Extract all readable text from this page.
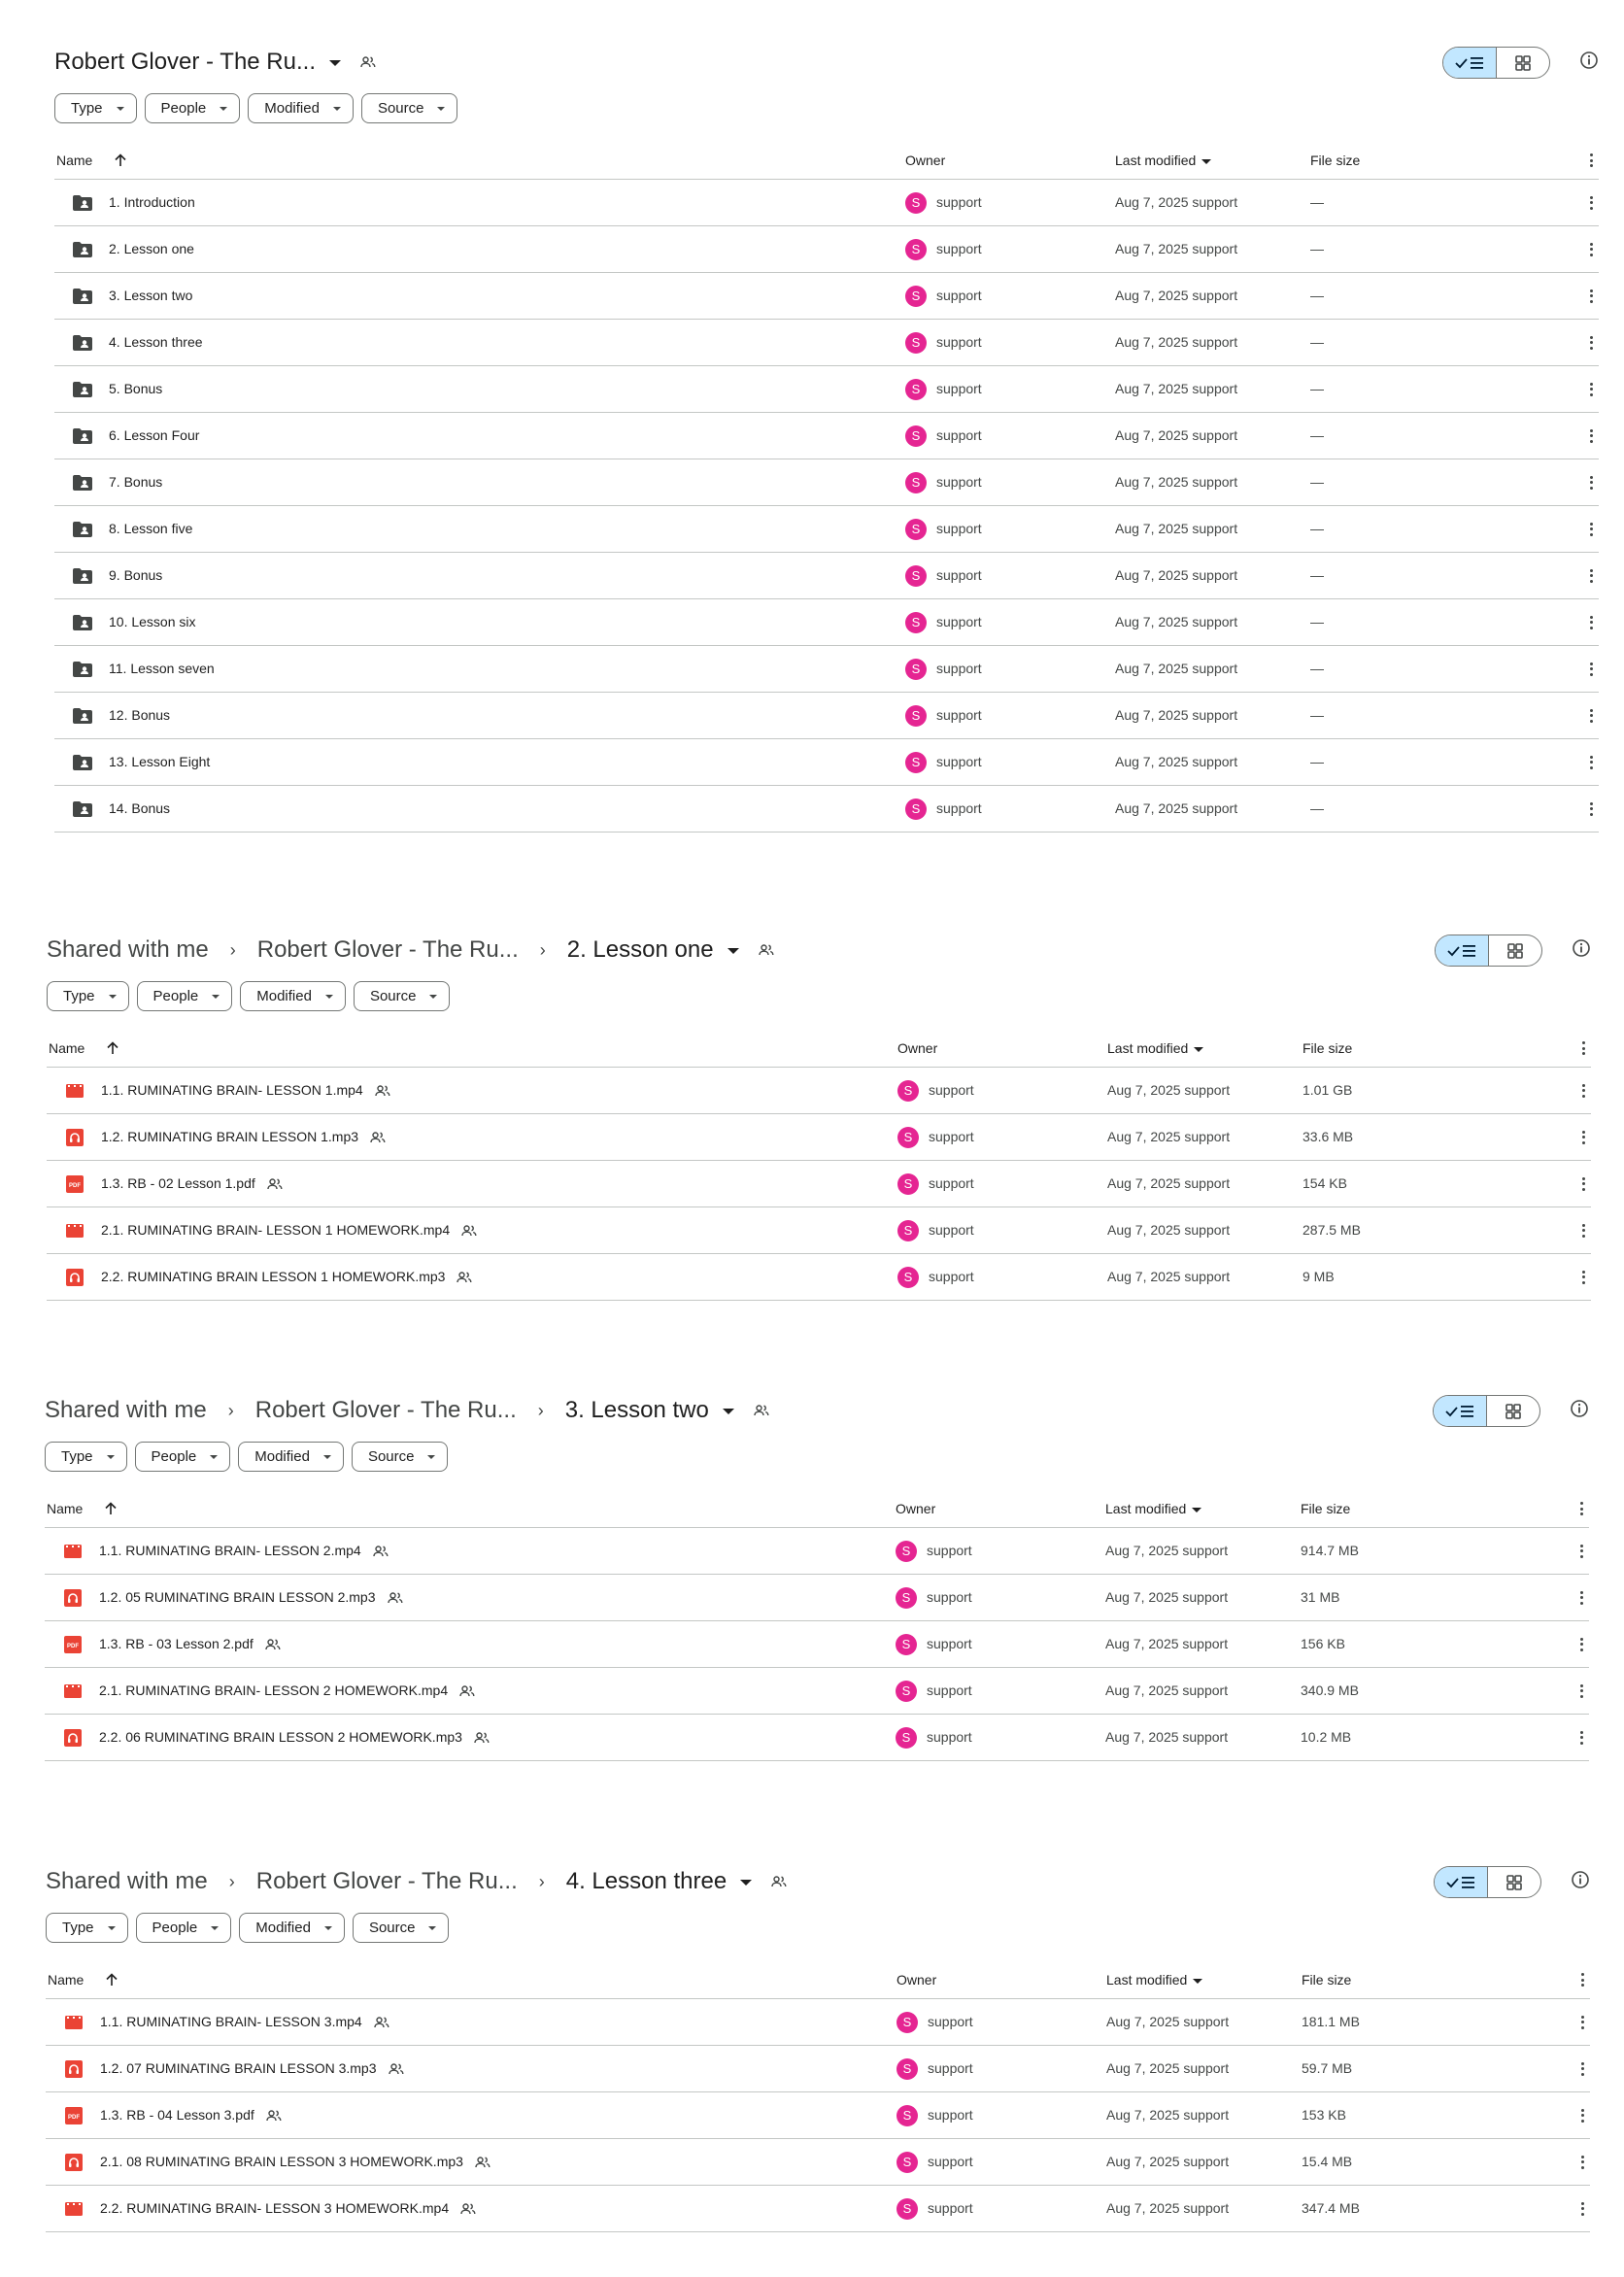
Robert Glover - The Ru...
Type	People	Modified	Source
Name	Owner	Last modified	File size
1. Introduction	S	support	Aug 7, 2025 support	—
2. Lesson one	S	support	Aug 7, 2025 support	—
3. Lesson two	S	support	Aug 7, 2025 support	—
4. Lesson three	S	support	Aug 7, 2025 support	—
5. Bonus	S	support	Aug 7, 2025 support	—
6. Lesson Four	S	support	Aug 7, 2025 support	—
7. Bonus	S	support	Aug 7, 2025 support	—
8. Lesson five	S	support	Aug 7, 2025 support	—
9. Bonus	S	support	Aug 7, 2025 support	—
10. Lesson six	S	support	Aug 7, 2025 support	—
11. Lesson seven	S	support	Aug 7, 2025 support	—
12. Bonus	S	support	Aug 7, 2025 support	—
13. Lesson Eight	S	support	Aug 7, 2025 support	—
14. Bonus	S	support	Aug 7, 2025 support	—
Shared with me › Robert Glover - The Ru... › 2. Lesson one
Type	People	Modified	Source
Name	Owner	Last modified	File size
1.1. RUMINATING BRAIN- LESSON 1.mp4	S	support	Aug 7, 2025 support	1.01 GB
1.2. RUMINATING BRAIN LESSON 1.mp3	S	support	Aug 7, 2025 support	33.6 MB
PDF 1.3. RB - 02 Lesson 1.pdf	S	support	Aug 7, 2025 support	154 KB
2.1. RUMINATING BRAIN- LESSON 1 HOMEWORK.mp4	S	support	Aug 7, 2025 support	287.5 MB
2.2. RUMINATING BRAIN LESSON 1 HOMEWORK.mp3	S	support	Aug 7, 2025 support	9 MB
Shared with me › Robert Glover - The Ru... › 3. Lesson two
Type	People	Modified	Source
Name	Owner	Last modified	File size
1.1. RUMINATING BRAIN- LESSON 2.mp4	S	support	Aug 7, 2025 support	914.7 MB
1.2. 05 RUMINATING BRAIN LESSON 2.mp3	S	support	Aug 7, 2025 support	31 MB
PDF 1.3. RB - 03 Lesson 2.pdf	S	support	Aug 7, 2025 support	156 KB
2.1. RUMINATING BRAIN- LESSON 2 HOMEWORK.mp4	S	support	Aug 7, 2025 support	340.9 MB
2.2. 06 RUMINATING BRAIN LESSON 2 HOMEWORK.mp3	S	support	Aug 7, 2025 support	10.2 MB
Shared with me › Robert Glover - The Ru... › 4. Lesson three
Type	People	Modified	Source
Name	Owner	Last modified	File size
1.1. RUMINATING BRAIN- LESSON 3.mp4	S	support	Aug 7, 2025 support	181.1 MB
1.2. 07 RUMINATING BRAIN LESSON 3.mp3	S	support	Aug 7, 2025 support	59.7 MB
PDF 1.3. RB - 04 Lesson 3.pdf	S	support	Aug 7, 2025 support	153 KB
2.1. 08 RUMINATING BRAIN LESSON 3 HOMEWORK.mp3	S	support	Aug 7, 2025 support	15.4 MB
2.2. RUMINATING BRAIN- LESSON 3 HOMEWORK.mp4	S	support	Aug 7, 2025 support	347.4 MB
